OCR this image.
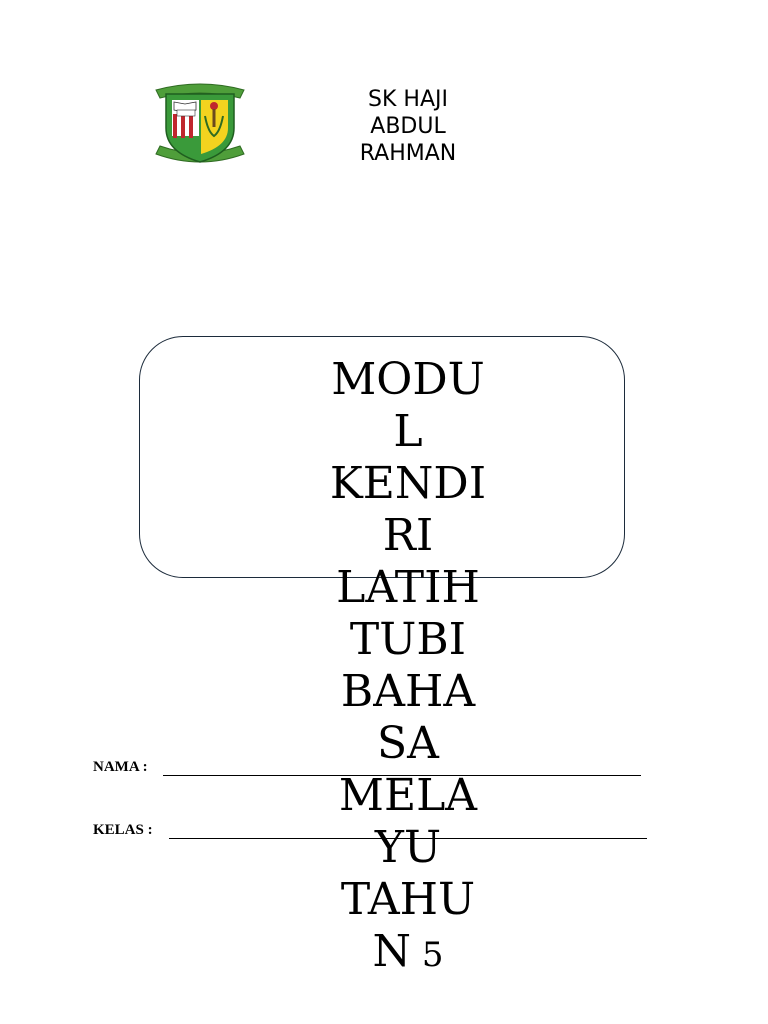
SK HAJI
ABDUL
RAHMAN
MODU
L
KENDI
RI
LATIH
TUBI
BAHA
SA
MELA
YU
TAHU
N 5
NAMA :
KELAS :
